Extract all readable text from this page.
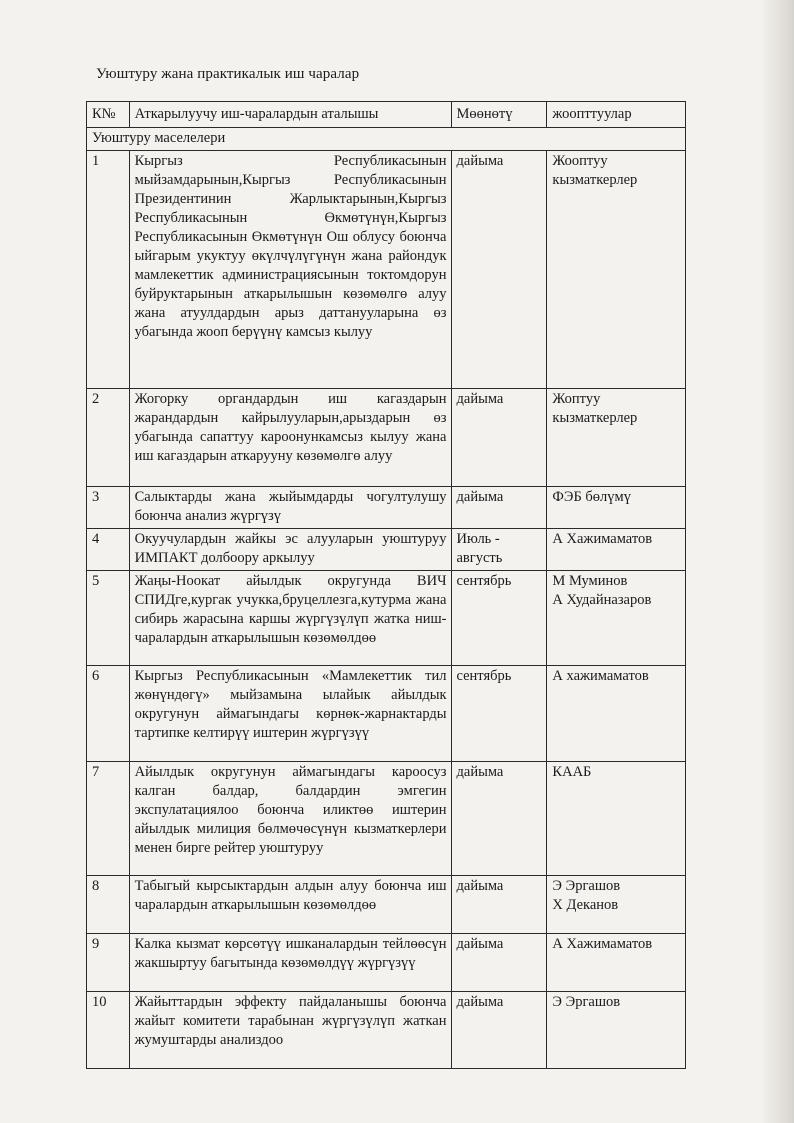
Уюштуру жана практикалык иш чаралар
К№	Аткарылуучу иш-чаралардын аталышы	Мөөнөтү	жоопттуулар
Уюштуру маселелери			
1	Кыргыз Республикасынын мыйзамдарынын,Кыргыз Республикасынын Президентинин Жарлыктарынын,Кыргыз Республикасынын Өкмөтүнүн,Кыргыз Республикасынын Өкмөтүнүн Ош облусу боюнча ыйгарым укуктуу өкүлчүлүгүнүн жана райондук мамлекеттик администрациясынын токтомдорун буйруктарынын аткарылышын көзөмөлгө алуу жана атуулдардын арыз даттанууларына өз убагында жооп берүүнү камсыз кылуу	дайыма	Жоoптуу кызматкерлер

2	Жогорку органдардын иш кагаздарын жарандардын кайрылууларын,арыздарын өз убагында сапаттуу кароонункамсыз кылуу жана иш кагаздарын аткарууну көзөмөлгө алуу	дайыма	Жоптуу кызматкерлер

3	Салыктарды жана жыйымдарды чогултулушу боюнча анализ жүргүзү	дайыма	ФЭБ бөлүмү

4	Окуучулардын жайкы эс алууларын уюштуруу ИМПАКТ долбоору аркылуу	Июль - августь	А Хажимаматов

5	Жаңы-Ноокат айылдык округунда ВИЧ СПИДге,кургак учукка,бруцеллезга,кутурма жана сибирь жарасына каршы жүргүзүлүп жатка ниш-чаралардын аткарылышын көзөмөлдөө	сентябрь	М Муминов
А Худайназаров

6	Кыргыз Республикасынын «Мамлекеттик тил жөнүндөгү» мыйзамына ылайык айылдык округунун аймагындагы көрнөк-жарнактарды тартипке келтирүү иштерин жүргүзүү	сентябрь	А хажимаматов

7	Айылдык округунун аймагындагы кароосуз калган балдар, балдардин эмгегин экспулатациялоо боюнча иликтөө иштерин айылдык милиция бөлмөчөсүнүн кызматкерлери менен бирге рейтер уюштуруу	дайыма	КААБ

8	Табыгый кырсыктардын алдын алуу боюнча иш чаралардын аткарылышын көзөмөлдөө	дайыма	Э Эргашов
Х Деканов

9	Калка кызмат көрсөтүү ишканалардын тейлөөсүн жакшыртуу багытында көзөмөлдүү жүргүзүү	дайыма	А Хажимаматов

10	Жайыттардын эффекту пайдаланышы боюнча жайыт комитети тарабынан жүргүзүлүп жаткан жумуштарды анализдоо	дайыма	Э Эргашов
